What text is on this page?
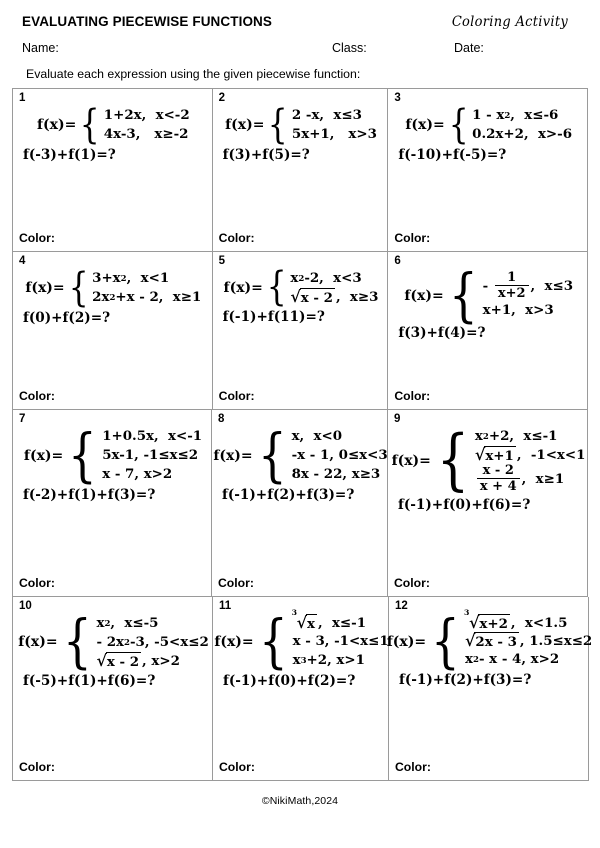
EVALUATING PIECEWISE FUNCTIONS	Coloring Activity
Name:	Class:	Date:
Evaluate each expression using the given piecewise function:
1
f(x)= { 1+2x,  x<-2
4x-3,   x≥-2
f(-3)+f(1)=?
Color:
2
f(x)= { 2 -x,  x≤3
5x+1,   x>3
f(3)+f(5)=?
Color:
3
f(x)= { 1 - x 2 ,  x≤-6
0.2x+2,  x>-6
f(-10)+f(-5)=?
Color:
4
f(x)= { 3+x 2 ,  x<1
2x 2 +x - 2,  x≥1
f(0)+f(2)=?
Color:
5
f(x)= { x 2 -2,  x<3
√ x - 2 ,  x≥3
f(-1)+f(11)=?
Color:
6
f(x)= { - $\frac{1}{x+2}$ ,  x≤3
x+1,  x>3
f(3)+f(4)=?
Color:
7
f(x)= { 1+0.5x,  x<-1
5x-1, -1≤x≤2
x - 7, x>2
f(-2)+f(1)+f(3)=?
Color:
8
f(x)= { x,  x<0
-x - 1, 0≤x<3
8x - 22, x≥3
f(-1)+f(2)+f(3)=?
Color:
9
f(x)= { x 2 +2,  x≤-1
√ x+1 ,  -1<x<1
$\frac{x - 2}{x + 4}$ ,  x≥1
f(-1)+f(0)+f(6)=?
Color:
10
f(x)= { x 2 ,  x≤-5
- 2x 2 -3, -5<x≤2
√ x - 2 , x>2
f(-5)+f(1)+f(6)=?
Color:
11
f(x)= { 3
√ x ,  x≤-1
x - 3, -1<x≤1
x 3 +2, x>1
f(-1)+f(0)+f(2)=?
Color:
12
f(x)= { 3
√ x+2 ,  x<1.5
√ 2x - 3 , 1.5≤x≤2
x 2 - x - 4, x>2
f(-1)+f(2)+f(3)=?
Color:
©NikiMath,2024
